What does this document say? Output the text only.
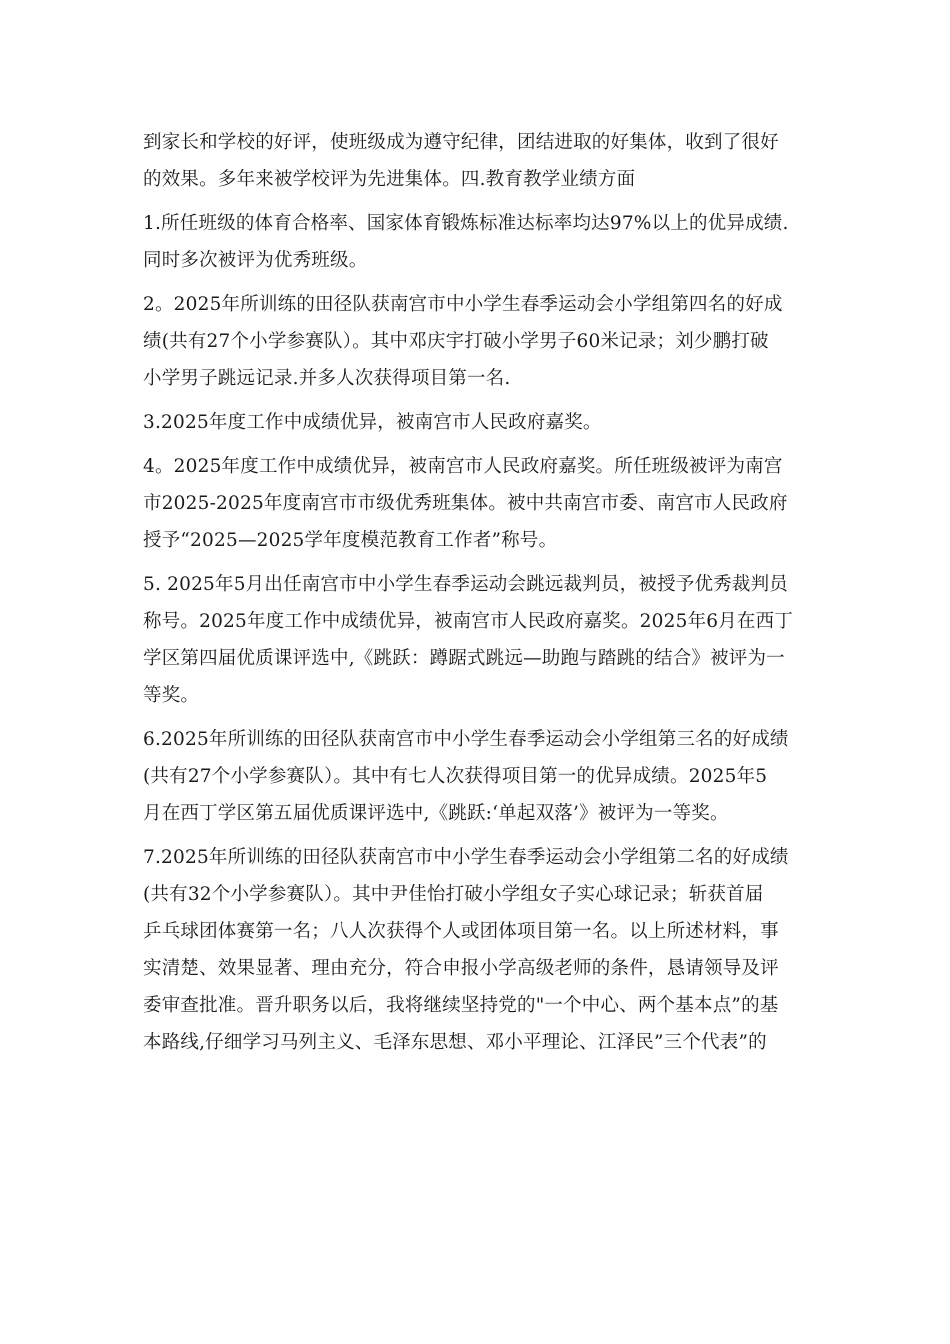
到家长和学校的好评，使班级成为遵守纪律，团结进取的好集体，收到了很好
的效果。多年来被学校评为先进集体。四.教育教学业绩方面
1.所任班级的体育合格率、国家体育锻炼标准达标率均达97%以上的优异成绩.
同时多次被评为优秀班级。
2。2025年所训练的田径队获南宫市中小学生春季运动会小学组第四名的好成
绩(共有27个小学参赛队）。其中邓庆宇打破小学男子60米记录；刘少鹏打破
小学男子跳远记录.并多人次获得项目第一名.
3.2025年度工作中成绩优异，被南宫市人民政府嘉奖。
4。2025年度工作中成绩优异，被南宫市人民政府嘉奖。所任班级被评为南宫
市2025-2025年度南宫市市级优秀班集体。被中共南宫市委、南宫市人民政府
授予“2025—2025学年度模范教育工作者”称号。
5. 2025年5月出任南宫市中小学生春季运动会跳远裁判员，被授予优秀裁判员
称号。2025年度工作中成绩优异，被南宫市人民政府嘉奖。2025年6月在西丁
学区第四届优质课评选中,《跳跃：蹲踞式跳远—助跑与踏跳的结合》被评为一
等奖。
6.2025年所训练的田径队获南宫市中小学生春季运动会小学组第三名的好成绩
(共有27个小学参赛队）。其中有七人次获得项目第一的优异成绩。2025年5
月在西丁学区第五届优质课评选中,《跳跃:‘单起双落’》被评为一等奖。
7.2025年所训练的田径队获南宫市中小学生春季运动会小学组第二名的好成绩
(共有32个小学参赛队）。其中尹佳怡打破小学组女子实心球记录；斩获首届
乒乓球团体赛第一名；八人次获得个人或团体项目第一名。以上所述材料，事
实清楚、效果显著、理由充分，符合申报小学高级老师的条件，恳请领导及评
委审查批准。晋升职务以后，我将继续坚持党的"一个中心、两个基本点”的基
本路线,仔细学习马列主义、毛泽东思想、邓小平理论、江泽民”三个代表”的
